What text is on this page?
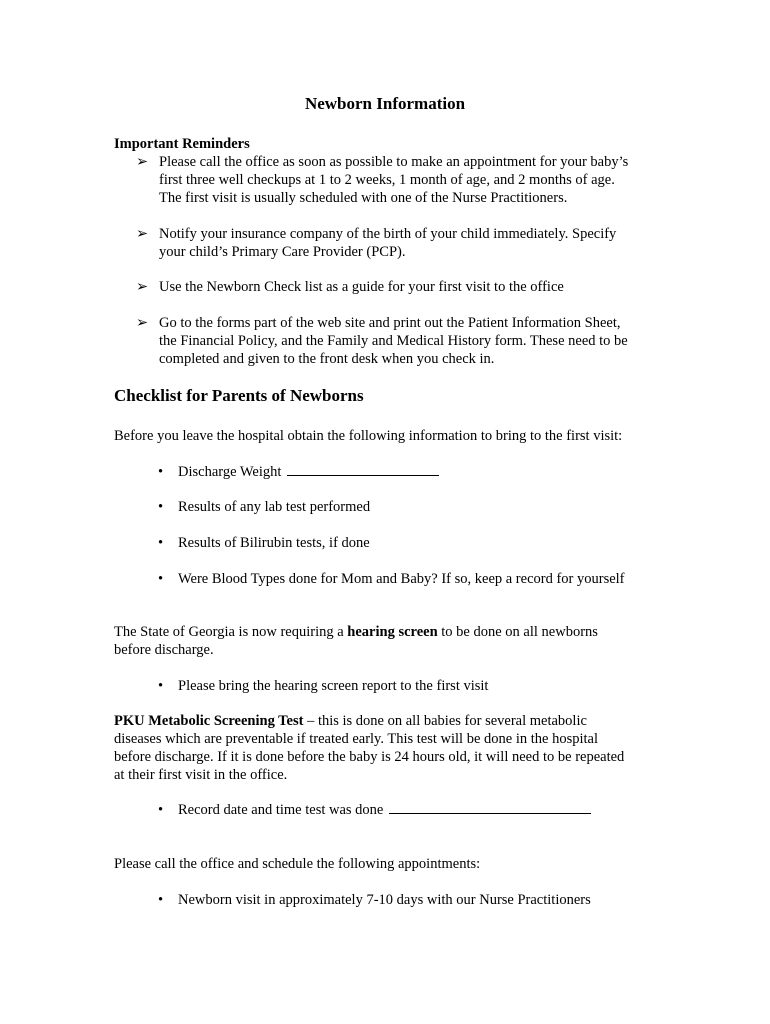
Newborn Information
Important Reminders
➢ Please call the office as soon as possible to make an appointment for your baby’s
first three well checkups at 1 to 2 weeks, 1 month of age, and 2 months of age.
The first visit is usually scheduled with one of the Nurse Practitioners.
➢ Notify your insurance company of the birth of your child immediately. Specify
your child’s Primary Care Provider (PCP).
➢ Use the Newborn Check list as a guide for your first visit to the office
➢ Go to the forms part of the web site and print out the Patient Information Sheet,
the Financial Policy, and the Family and Medical History form. These need to be
completed and given to the front desk when you check in.
Checklist for Parents of Newborns
Before you leave the hospital obtain the following information to bring to the first visit:
• Discharge Weight
• Results of any lab test performed
• Results of Bilirubin tests, if done
• Were Blood Types done for Mom and Baby? If so, keep a record for yourself
The State of Georgia is now requiring a hearing screen to be done on all newborns
before discharge.
• Please bring the hearing screen report to the first visit
PKU Metabolic Screening Test – this is done on all babies for several metabolic
diseases which are preventable if treated early. This test will be done in the hospital
before discharge. If it is done before the baby is 24 hours old, it will need to be repeated
at their first visit in the office.
• Record date and time test was done
Please call the office and schedule the following appointments:
• Newborn visit in approximately 7-10 days with our Nurse Practitioners
